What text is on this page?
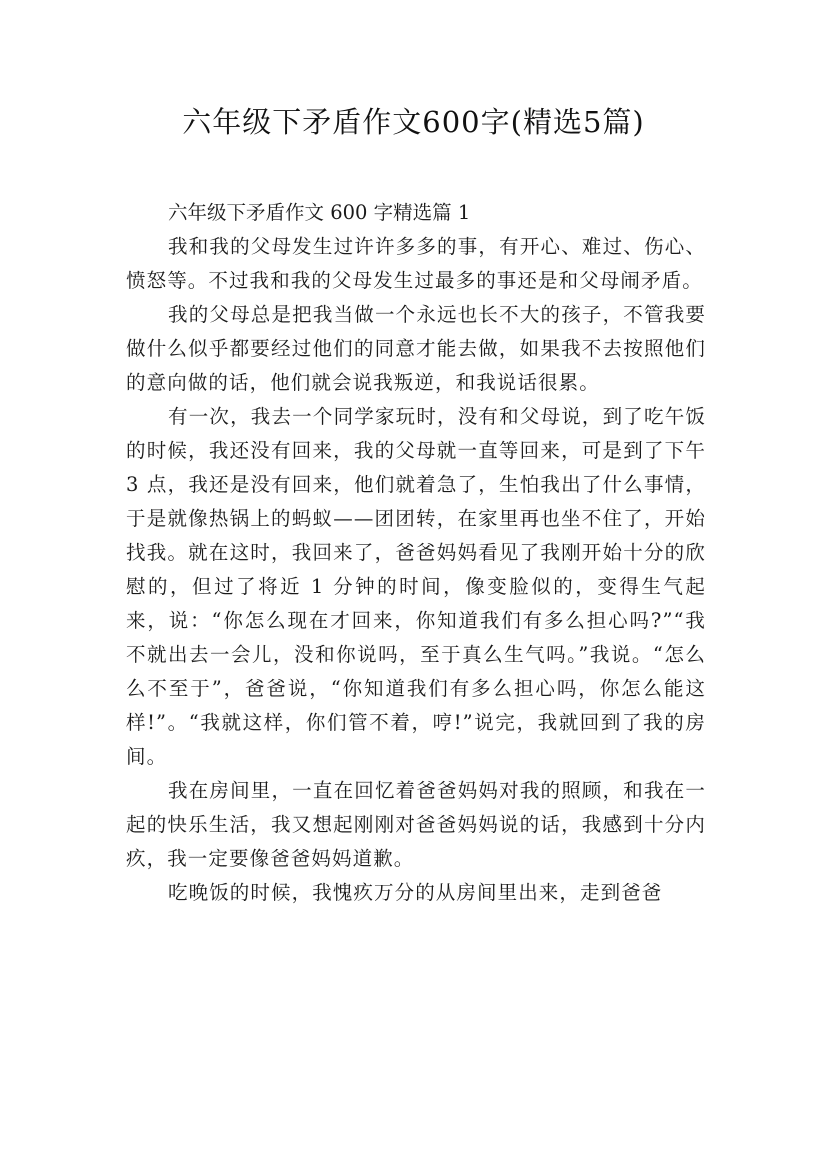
六年级下矛盾作文600字(精选5篇)

六年级下矛盾作文 600 字精选篇 1

我和我的父母发生过许许多多的事，有开心、难过、伤心、愤怒等。不过我和我的父母发生过最多的事还是和父母闹矛盾。

我的父母总是把我当做一个永远也长不大的孩子，不管我要做什么似乎都要经过他们的同意才能去做，如果我不去按照他们的意向做的话，他们就会说我叛逆，和我说话很累。

有一次，我去一个同学家玩时，没有和父母说，到了吃午饭的时候，我还没有回来，我的父母就一直等回来，可是到了下午 3 点，我还是没有回来，他们就着急了，生怕我出了什么事情，于是就像热锅上的蚂蚁——团团转，在家里再也坐不住了，开始找我。就在这时，我回来了，爸爸妈妈看见了我刚开始十分的欣慰的，但过了将近 1 分钟的时间，像变脸似的，变得生气起来，说：“你怎么现在才回来，你知道我们有多么担心吗?”“我不就出去一会儿，没和你说吗，至于真么生气吗。”我说。“怎么么不至于”，爸爸说，“你知道我们有多么担心吗，你怎么能这样!”。“我就这样，你们管不着，哼!”说完，我就回到了我的房间。

我在房间里，一直在回忆着爸爸妈妈对我的照顾，和我在一起的快乐生活，我又想起刚刚对爸爸妈妈说的话，我感到十分内疚，我一定要像爸爸妈妈道歉。

吃晚饭的时候，我愧疚万分的从房间里出来，走到爸爸
